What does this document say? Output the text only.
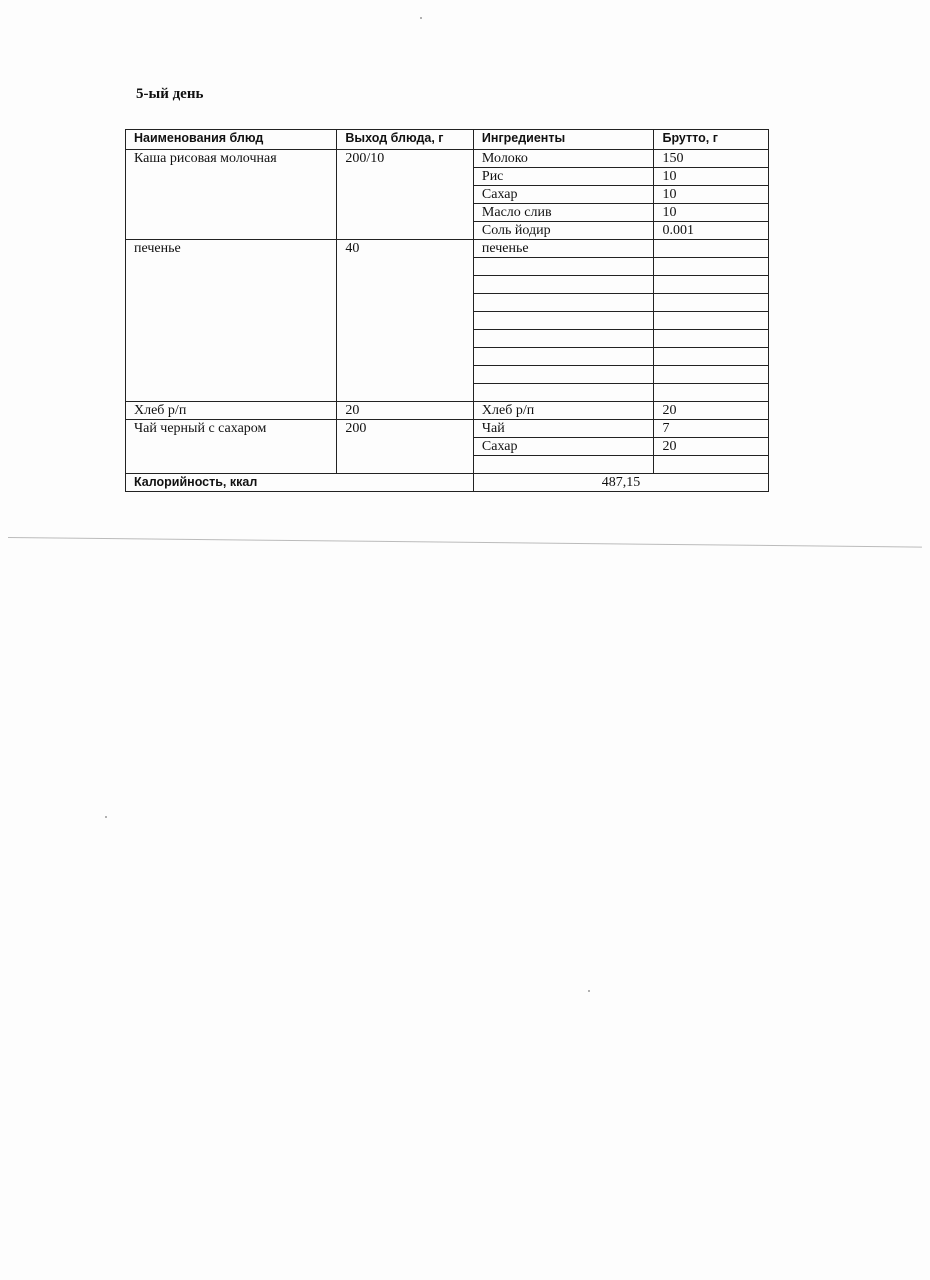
5-ый день
Наименования блюд	Выход блюда, г	Ингредиенты	Брутто, г
Каша рисовая молочная	200/10	Молоко	150
		Рис	10
		Сахар	10
		Масло слив	10
		Соль йодир	0.001
печенье	40	печенье	

Хлеб р/п	20	Хлеб р/п	20
Чай черный с сахаром	200	Чай	7
		Сахар	20

Калорийность, ккал		487,15	
